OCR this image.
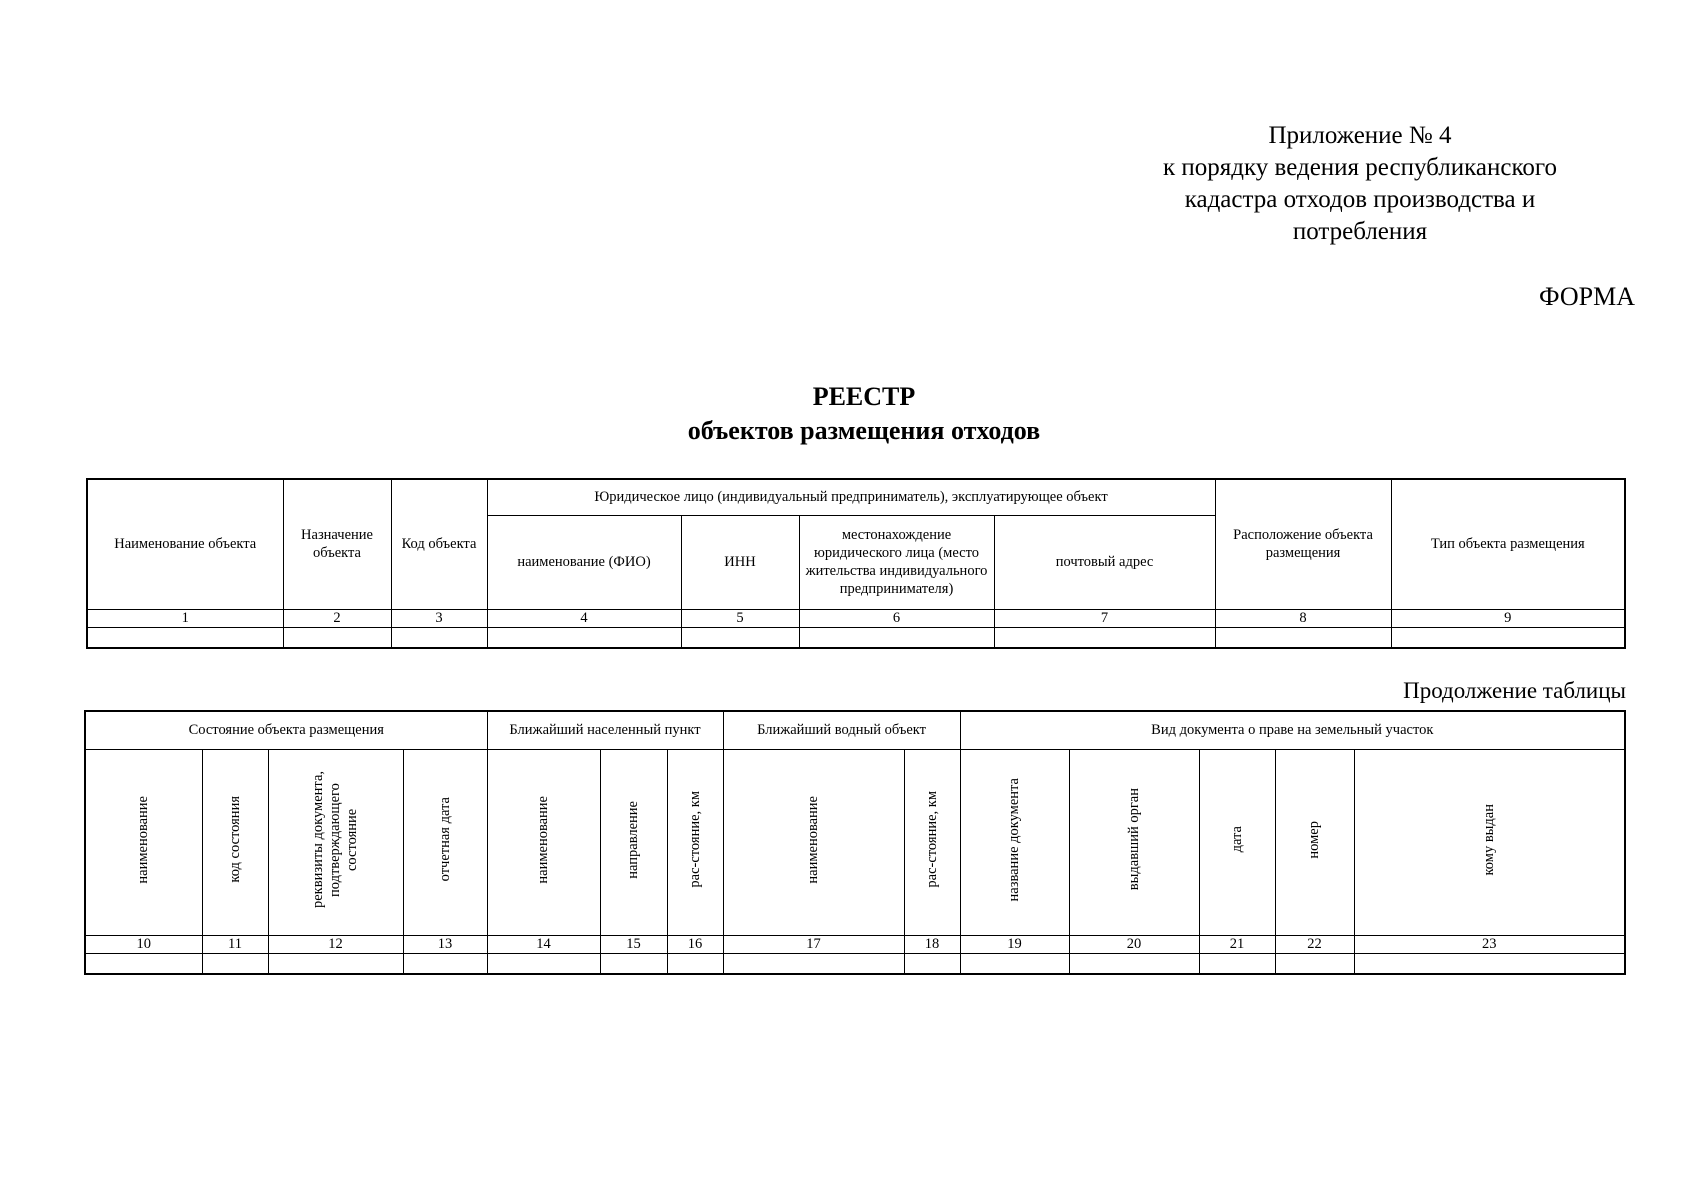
Приложение № 4
к порядку ведения республиканского
кадастра отходов производства и
потребления
ФОРМА
РЕЕСТР
объектов размещения отходов
Наименование объекта	Назначение объекта	Код объекта	Юридическое лицо (индивидуальный предприниматель), эксплуатирующее объект				Расположение объекта размещения	Тип объекта размещения
			наименование (ФИО)	ИНН	местонахождение юридического лица (место жительства индивидуального предпринимателя)	почтовый адрес		
1	2	3	4	5	6	7	8	9

Продолжение таблицы
Состояние объекта размещения				Ближайший населенный пункт			Ближайший водный объект		Вид документа о праве на земельный участок				
наименование	код состояния	реквизиты документа, подтверждающего состояние	отчетная дата	наименование	направление	рас-стояние, км	наименование	рас-стояние, км	название документа	выдавший орган	дата	номер	кому выдан
10	11	12	13	14	15	16	17	18	19	20	21	22	23
